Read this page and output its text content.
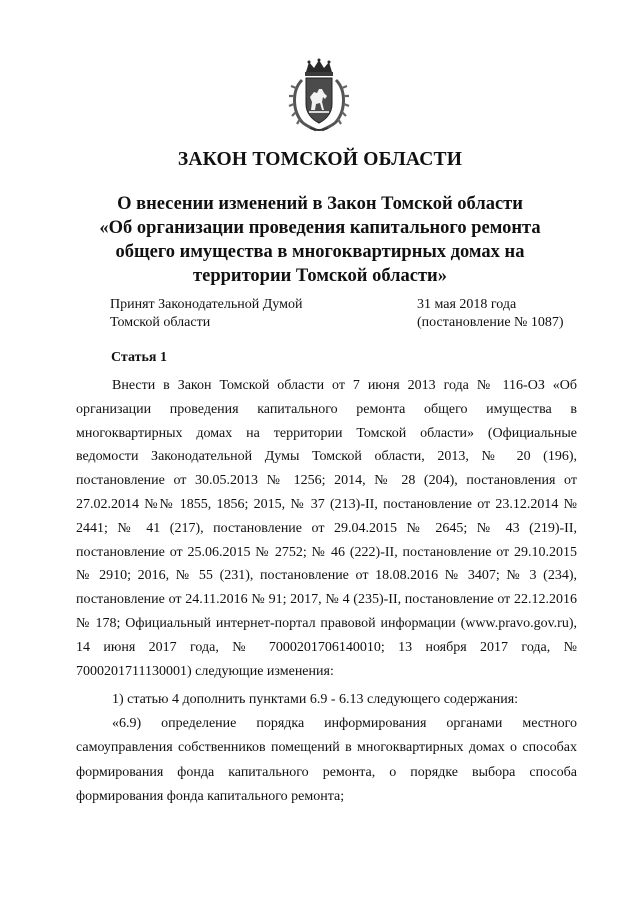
ЗАКОН ТОМСКОЙ ОБЛАСТИ
О внесении изменений в Закон Томской области
«Об организации проведения капитального ремонта
общего имущества в многоквартирных домах на
территории Томской области»
Принят Законодательной Думой
Томской области
31 мая 2018 года
(постановление № 1087)
Статья 1
Внести в Закон Томской области от 7 июня 2013 года № 116-ОЗ «Об организации проведения капитального ремонта общего имущества в многоквартирных домах на территории Томской области» (Официальные ведомости Законодательной Думы Томской области, 2013, № 20 (196), постановление от 30.05.2013 № 1256; 2014, № 28 (204), постановления от 27.02.2014 №№ 1855, 1856; 2015, № 37 (213)-II, постановление от 23.12.2014 № 2441; № 41 (217), постановление от 29.04.2015 № 2645; № 43 (219)-II, постановление от 25.06.2015 № 2752; № 46 (222)-II, постановление от 29.10.2015 № 2910; 2016, № 55 (231), постановление от 18.08.2016 № 3407; № 3 (234), постановление от 24.11.2016 № 91; 2017, № 4 (235)-II, постановление от 22.12.2016 № 178; Официальный интернет-портал правовой информации (www.pravo.gov.ru), 14 июня 2017 года, № 7000201706140010; 13 ноября 2017 года, № 7000201711130001) следующие изменения:
1) статью 4 дополнить пунктами 6.9 - 6.13 следующего содержания:
«6.9) определение порядка информирования органами местного самоуправления собственников помещений в многоквартирных домах о способах формирования фонда капитального ремонта, о порядке выбора способа формирования фонда капитального ремонта;
